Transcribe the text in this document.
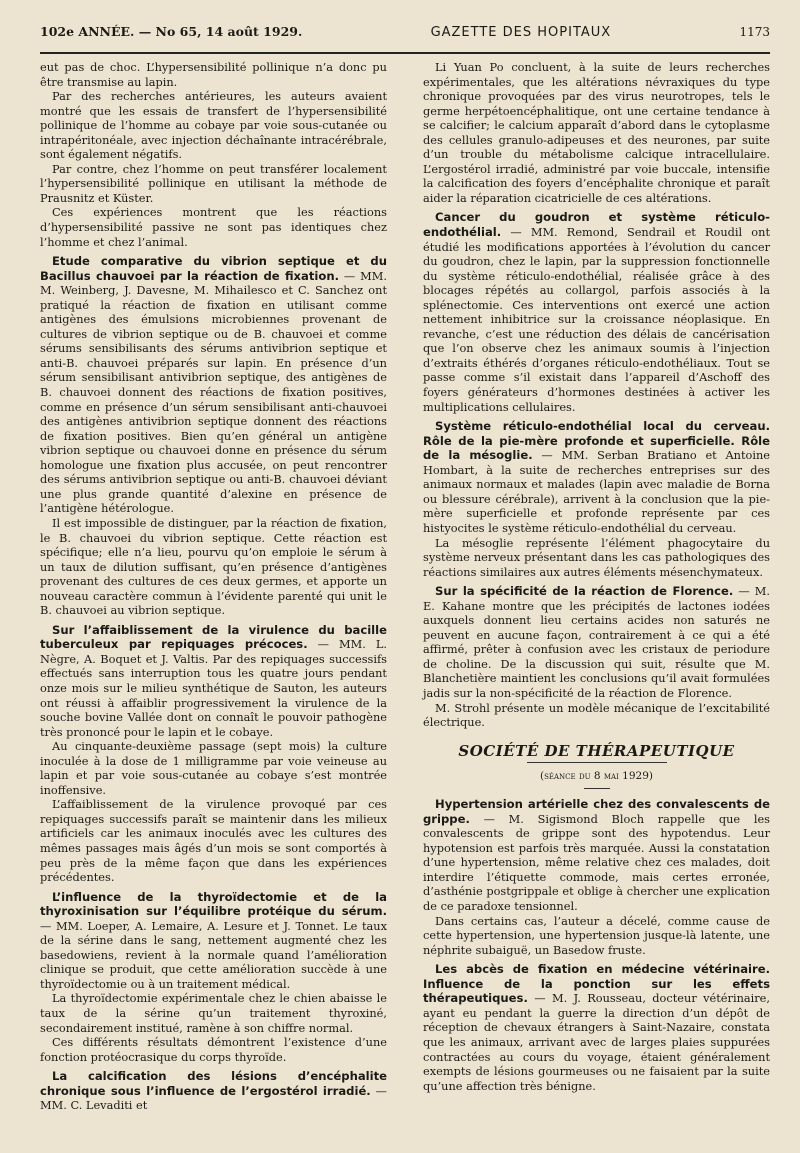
102e ANNÉE. — No 65, 14 août 1929.	GAZETTE DES HOPITAUX	1173

eut pas de choc. L’hypersensibilité pollinique n’a donc pu être transmise au lapin.

Par des recherches antérieures, les auteurs avaient montré que les essais de transfert de l’hypersensibilité pollinique de l’homme au cobaye par voie sous-cutanée ou intrapéritonéale, avec injection déchaînante intracérébrale, sont également négatifs.

Par contre, chez l’homme on peut transférer localement l’hypersensibilité pollinique en utilisant la méthode de Prausnitz et Küster.

Ces expériences montrent que les réactions d’hypersensibilité passive ne sont pas identiques chez l’homme et chez l’animal.

Etude comparative du vibrion septique et du Bacillus chauvoei par la réaction de fixation. — MM. M. Weinberg, J. Davesne, M. Mihailesco et C. Sanchez ont pratiqué la réaction de fixation en utilisant comme antigènes des émulsions microbiennes provenant de cultures de vibrion septique ou de B. chauvoei et comme sérums sensibilisants des sérums antivibrion septique et anti-B. chauvoei préparés sur lapin. En présence d’un sérum sensibilisant antivibrion septique, des antigènes de B. chauvoei donnent des réactions de fixation positives, comme en présence d’un sérum sensibilisant anti-chauvoei des antigènes antivibrion septique donnent des réactions de fixation positives. Bien qu’en général un antigène vibrion septique ou chauvoei donne en présence du sérum homologue une fixation plus accusée, on peut rencontrer des sérums antivibrion septique ou anti-B. chauvoei déviant une plus grande quantité d’alexine en présence de l’antigène hétérologue.

Il est impossible de distinguer, par la réaction de fixation, le B. chauvoei du vibrion septique. Cette réaction est spécifique; elle n’a lieu, pourvu qu’on emploie le sérum à un taux de dilution suffisant, qu’en présence d’antigènes provenant des cultures de ces deux germes, et apporte un nouveau caractère commun à l’évidente parenté qui unit le B. chauvoei au vibrion septique.

Sur l’affaiblissement de la virulence du bacille tuberculeux par repiquages précoces. — MM. L. Nègre, A. Boquet et J. Valtis. Par des repiquages successifs effectués sans interruption tous les quatre jours pendant onze mois sur le milieu synthétique de Sauton, les auteurs ont réussi à affaiblir progressivement la virulence de la souche bovine Vallée dont on connaît le pouvoir pathogène très prononcé pour le lapin et le cobaye.

Au cinquante-deuxième passage (sept mois) la culture inoculée à la dose de 1 milligramme par voie veineuse au lapin et par voie sous-cutanée au cobaye s’est montrée inoffensive.

L’affaiblissement de la virulence provoqué par ces repiquages successifs paraît se maintenir dans les milieux artificiels car les animaux inoculés avec les cultures des mêmes passages mais âgés d’un mois se sont comportés à peu près de la même façon que dans les expériences précédentes.

L’influence de la thyroïdectomie et de la thyroxinisation sur l’équilibre protéique du sérum. — MM. Loeper, A. Lemaire, A. Lesure et J. Tonnet. Le taux de la sérine dans le sang, nettement augmenté chez les basedowiens, revient à la normale quand l’amélioration clinique se produit, que cette amélioration succède à une thyroïdectomie ou à un traitement médical.

La thyroïdectomie expérimentale chez le chien abaisse le taux de la sérine qu’un traitement thyroxiné, secondairement institué, ramène à son chiffre normal.

Ces différents résultats démontrent l’existence d’une fonction protéocrasique du corps thyroïde.

La calcification des lésions d’encéphalite chronique sous l’influence de l’ergostérol irradié. — MM. C. Levaditi et

Li Yuan Po concluent, à la suite de leurs recherches expérimentales, que les altérations névraxiques du type chronique provoquées par des virus neurotropes, tels le germe herpétoencéphalitique, ont une certaine tendance à se calcifier; le calcium apparaît d’abord dans le cytoplasme des cellules granulo-adipeuses et des neurones, par suite d’un trouble du métabolisme calcique intracellulaire. L’ergostérol irradié, administré par voie buccale, intensifie la calcification des foyers d’encéphalite chronique et paraît aider la réparation cicatricielle de ces altérations.

Cancer du goudron et système réticulo-endothélial. — MM. Remond, Sendrail et Roudil ont étudié les modifications apportées à l’évolution du cancer du goudron, chez le lapin, par la suppression fonctionnelle du système réticulo-endothélial, réalisée grâce à des blocages répétés au collargol, parfois associés à la splénectomie. Ces interventions ont exercé une action nettement inhibitrice sur la croissance néoplasique. En revanche, c’est une réduction des délais de cancérisation que l’on observe chez les animaux soumis à l’injection d’extraits éthérés d’organes réticulo-endothéliaux. Tout se passe comme s’il existait dans l’appareil d’Aschoff des foyers générateurs d’hormones destinées à activer les multiplications cellulaires.

Système réticulo-endothélial local du cerveau. Rôle de la pie-mère profonde et superficielle. Rôle de la mésoglie. — MM. Serban Bratiano et Antoine Hombart, à la suite de recherches entreprises sur des animaux normaux et malades (lapin avec maladie de Borna ou blessure cérébrale), arrivent à la conclusion que la pie-mère superficielle et profonde représente par ces histyocites le système réticulo-endothélial du cerveau.

La mésoglie représente l’élément phagocytaire du système nerveux présentant dans les cas pathologiques des réactions similaires aux autres éléments mésenchymateux.

Sur la spécificité de la réaction de Florence. — M. E. Kahane montre que les précipités de lactones iodées auxquels donnent lieu certains acides non saturés ne peuvent en aucune façon, contrairement à ce qui a été affirmé, prêter à confusion avec les cristaux de periodure de choline. De la discussion qui suit, résulte que M. Blanchetière maintient les conclusions qu’il avait formulées jadis sur la non-spécificité de la réaction de Florence.

M. Strohl présente un modèle mécanique de l’excitabilité électrique.

SOCIÉTÉ DE THÉRAPEUTIQUE
(séance du 8 mai 1929)

Hypertension artérielle chez des convalescents de grippe. — M. Sigismond Bloch rappelle que les convalescents de grippe sont des hypotendus. Leur hypotension est parfois très marquée. Aussi la constatation d’une hypertension, même relative chez ces malades, doit interdire l’étiquette commode, mais certes erronée, d’asthénie postgrippale et oblige à chercher une explication de ce paradoxe tensionnel.

Dans certains cas, l’auteur a décelé, comme cause de cette hypertension, une hypertension jusque-là latente, une néphrite subaiguë, un Basedow fruste.

Les abcès de fixation en médecine vétérinaire. Influence de la ponction sur les effets thérapeutiques. — M. J. Rousseau, docteur vétérinaire, ayant eu pendant la guerre la direction d’un dépôt de réception de chevaux étrangers à Saint-Nazaire, constata que les animaux, arrivant avec de larges plaies suppurées contractées au cours du voyage, étaient généralement exempts de lésions gourmeuses ou ne faisaient par la suite qu’une affection très bénigne.
